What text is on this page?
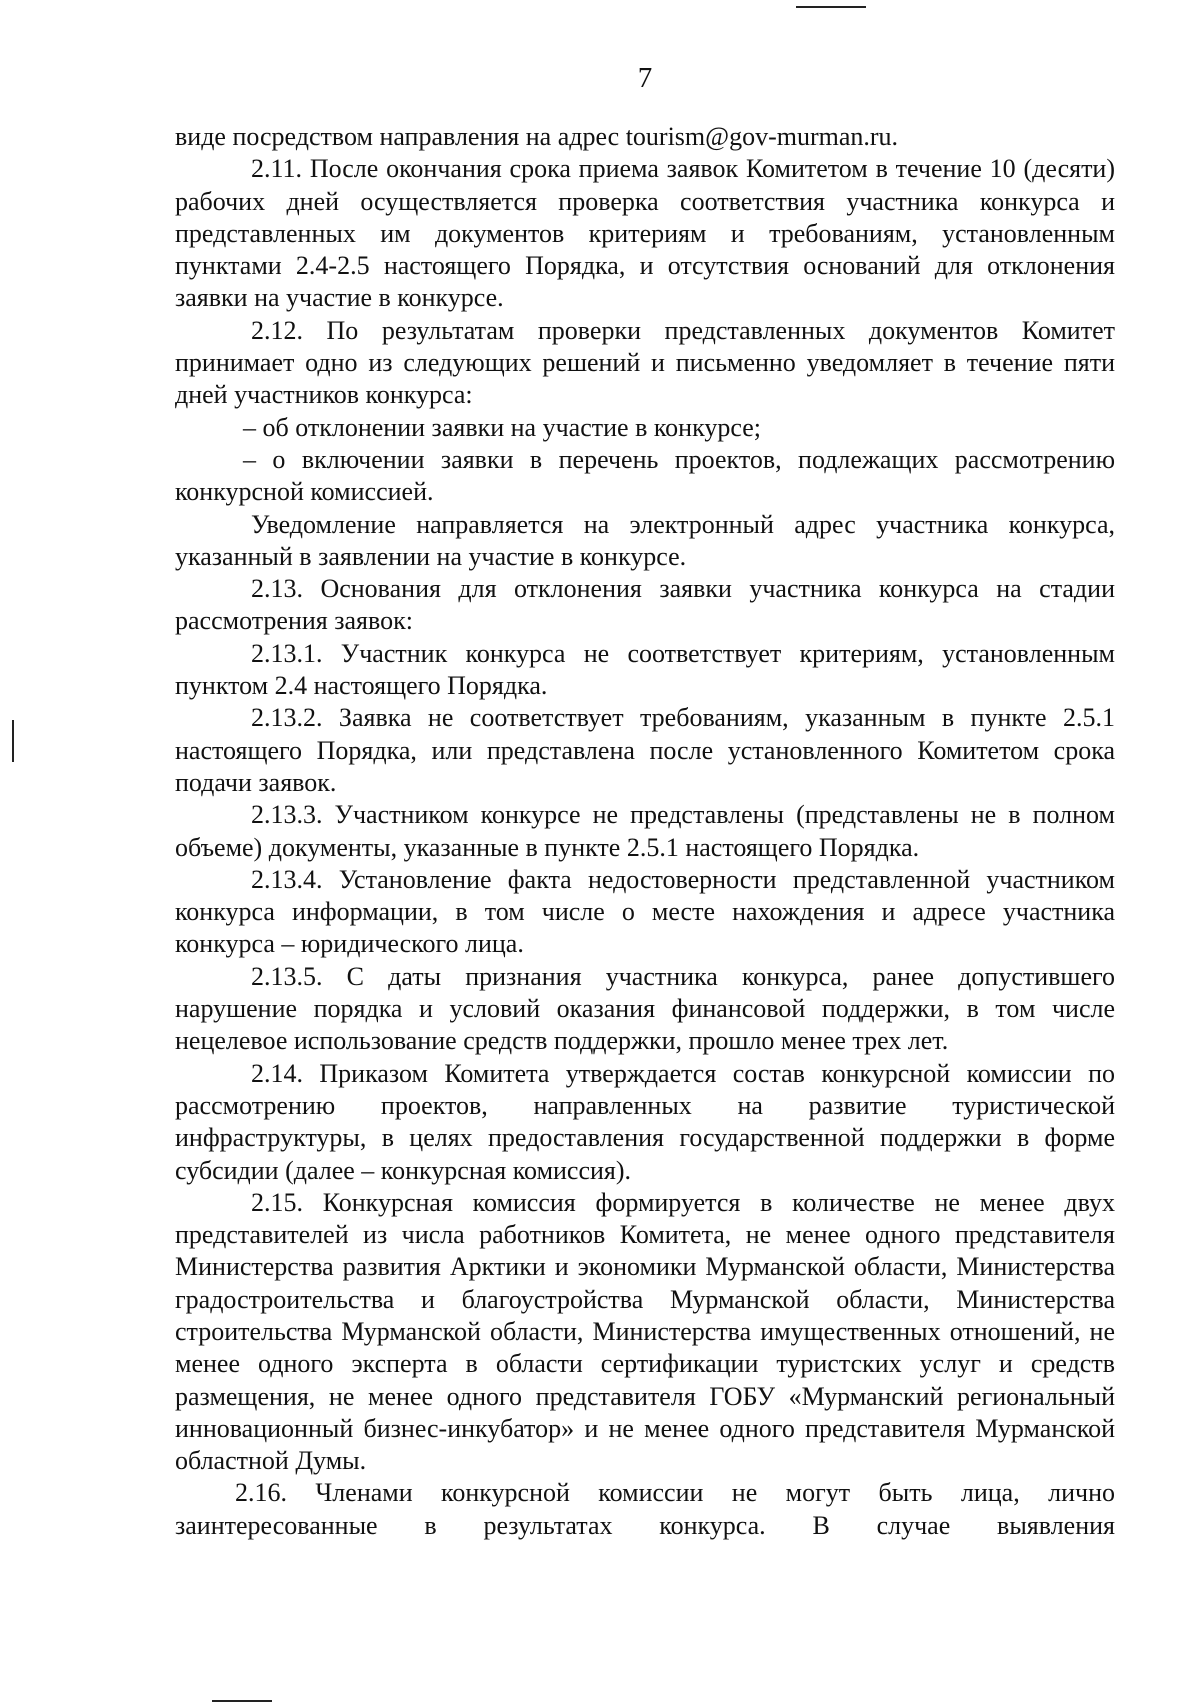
7

виде посредством направления на адрес tourism@gov-murman.ru.

2.11. После окончания срока приема заявок Комитетом в течение 10 (десяти) рабочих дней осуществляется проверка соответствия участника конкурса и представленных им документов критериям и требованиям, установленным пунктами 2.4-2.5 настоящего Порядка, и отсутствия оснований для отклонения заявки на участие в конкурсе.

2.12. По результатам проверки представленных документов Комитет принимает одно из следующих решений и письменно уведомляет в течение пяти дней участников конкурса:

– об отклонении заявки на участие в конкурсе;

– о включении заявки в перечень проектов, подлежащих рассмотрению конкурсной комиссией.

Уведомление направляется на электронный адрес участника конкурса, указанный в заявлении на участие в конкурсе.

2.13. Основания для отклонения заявки участника конкурса на стадии рассмотрения заявок:

2.13.1. Участник конкурса не соответствует критериям, установленным пунктом 2.4 настоящего Порядка.

2.13.2. Заявка не соответствует требованиям, указанным в пункте 2.5.1 настоящего Порядка, или представлена после установленного Комитетом срока подачи заявок.

2.13.3. Участником конкурсе не представлены (представлены не в полном объеме) документы, указанные в пункте 2.5.1 настоящего Порядка.

2.13.4. Установление факта недостоверности представленной участником конкурса информации, в том числе о месте нахождения и адресе участника конкурса – юридического лица.

2.13.5. С даты признания участника конкурса, ранее допустившего нарушение порядка и условий оказания финансовой поддержки, в том числе нецелевое использование средств поддержки, прошло менее трех лет.

2.14. Приказом Комитета утверждается состав конкурсной комиссии по рассмотрению проектов, направленных на развитие туристической инфраструктуры, в целях предоставления государственной поддержки в форме субсидии (далее – конкурсная комиссия).

2.15. Конкурсная комиссия формируется в количестве не менее двух представителей из числа работников Комитета, не менее одного представителя Министерства развития Арктики и экономики Мурманской области, Министерства градостроительства и благоустройства Мурманской области, Министерства строительства Мурманской области, Министерства имущественных отношений, не менее одного эксперта в области сертификации туристских услуг и средств размещения, не менее одного представителя ГОБУ «Мурманский региональный инновационный бизнес-инкубатор» и не менее одного представителя Мурманской областной Думы.

2.16. Членами конкурсной комиссии не могут быть лица, лично заинтересованные в результатах конкурса. В случае выявления
